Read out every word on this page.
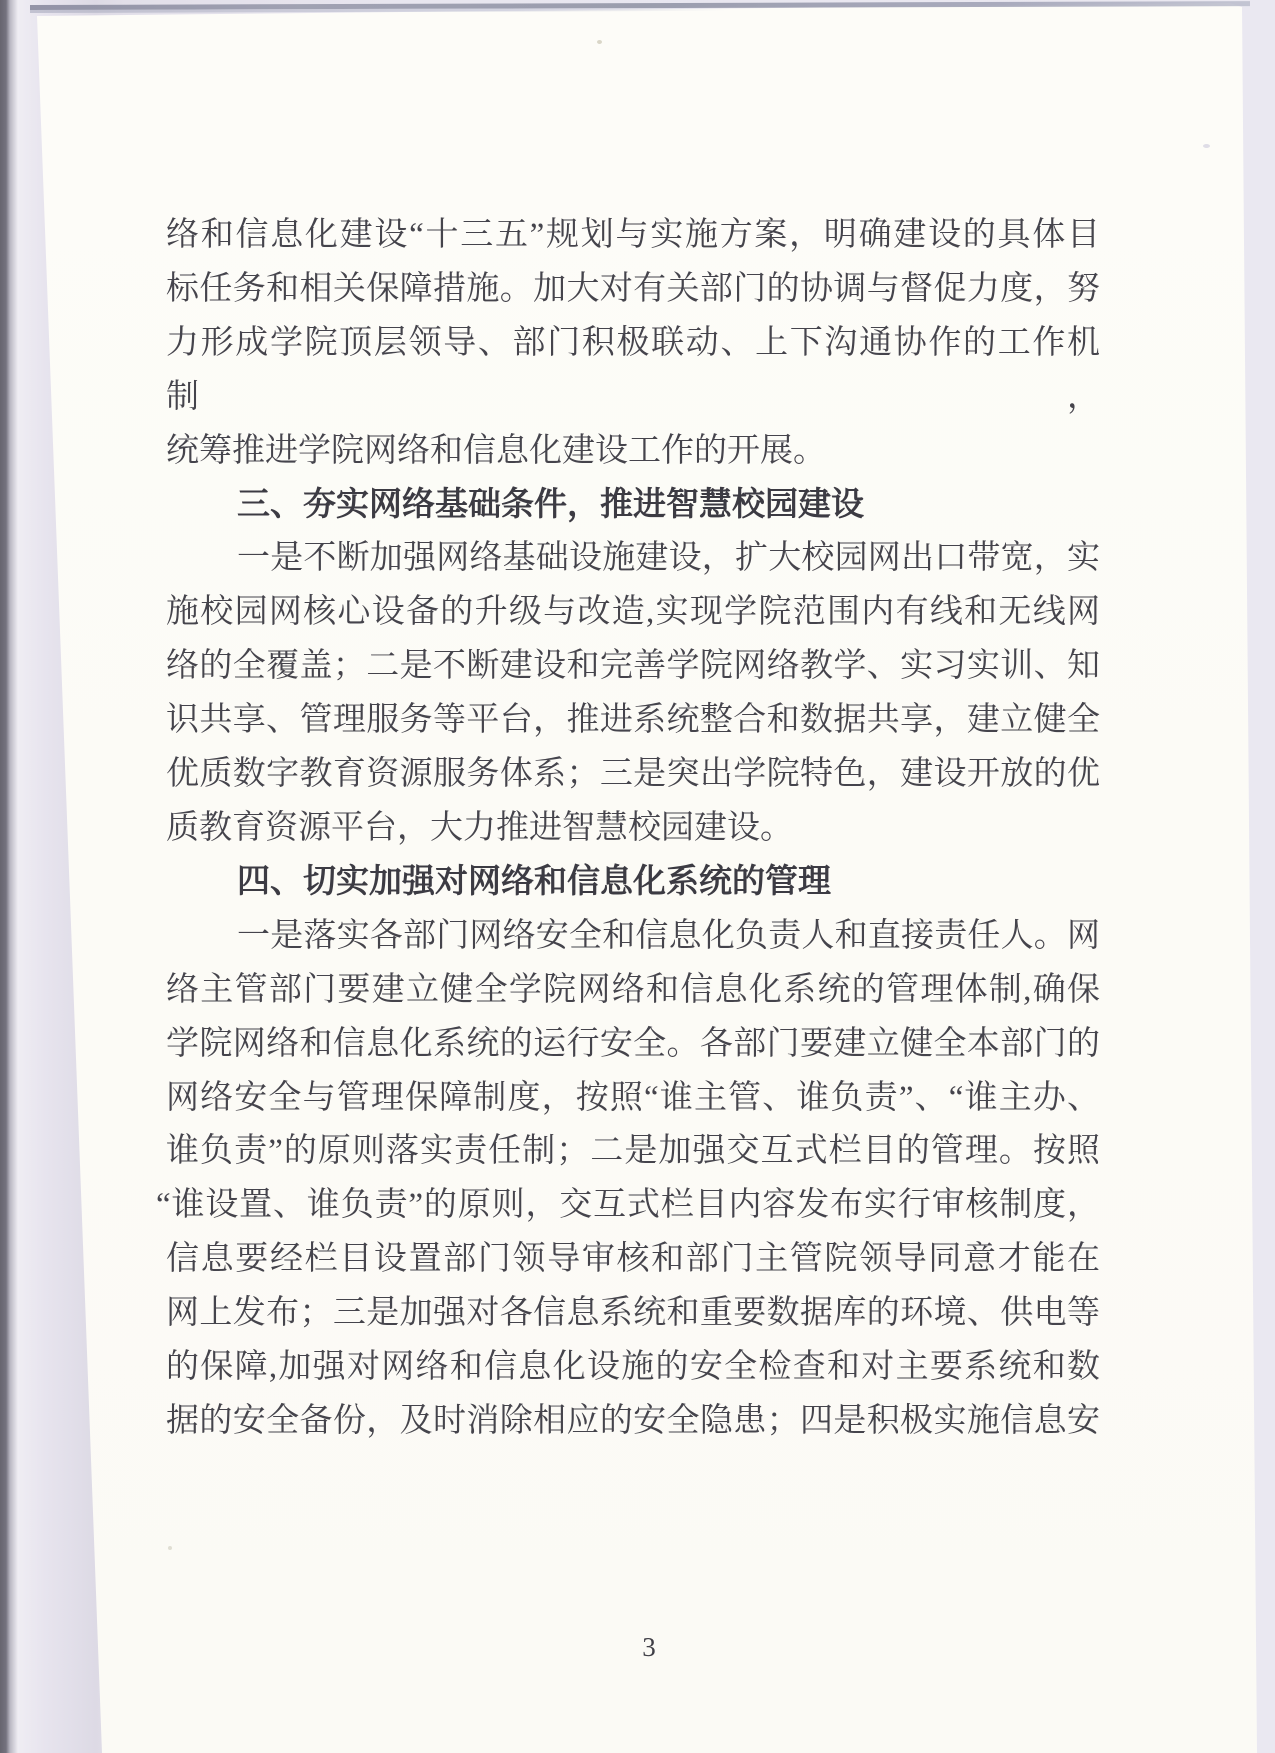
络和信息化建设“十三五”规划与实施方案，明确建设的具体目
标任务和相关保障措施。加大对有关部门的协调与督促力度，努
力形成学院顶层领导、部门积极联动、上下沟通协作的工作机制，
统筹推进学院网络和信息化建设工作的开展。
三、夯实网络基础条件，推进智慧校园建设
一是不断加强网络基础设施建设，扩大校园网出口带宽，实
施校园网核心设备的升级与改造,实现学院范围内有线和无线网
络的全覆盖；二是不断建设和完善学院网络教学、实习实训、知
识共享、管理服务等平台，推进系统整合和数据共享，建立健全
优质数字教育资源服务体系；三是突出学院特色，建设开放的优
质教育资源平台，大力推进智慧校园建设。
四、切实加强对网络和信息化系统的管理
一是落实各部门网络安全和信息化负责人和直接责任人。网
络主管部门要建立健全学院网络和信息化系统的管理体制,确保
学院网络和信息化系统的运行安全。各部门要建立健全本部门的
网络安全与管理保障制度，按照“谁主管、谁负责”、“谁主办、
谁负责”的原则落实责任制；二是加强交互式栏目的管理。按照
“谁设置、谁负责”的原则，交互式栏目内容发布实行审核制度，
信息要经栏目设置部门领导审核和部门主管院领导同意才能在
网上发布；三是加强对各信息系统和重要数据库的环境、供电等
的保障,加强对网络和信息化设施的安全检查和对主要系统和数
据的安全备份，及时消除相应的安全隐患；四是积极实施信息安
3
